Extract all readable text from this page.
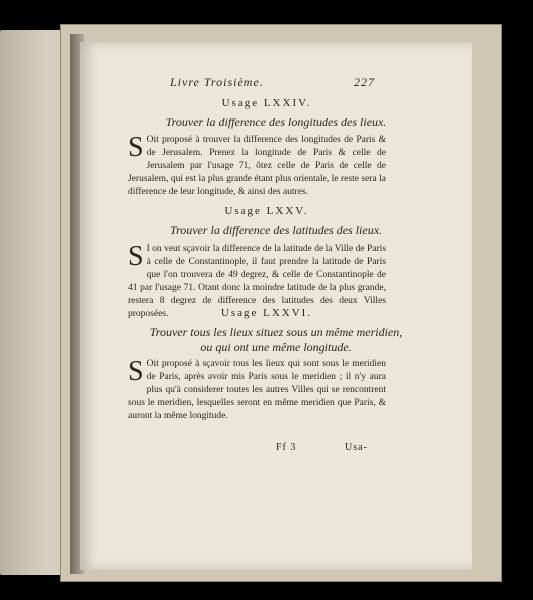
Livre Troisième.	227
Usage LXXIV.
Trouver la difference des longitudes des lieux.
S Oit proposé à trouver la difference des longitudes de Paris & de Jerusalem. Prenez la longitude de Paris & celle de Jerusalem par l'usage 71, ôtez celle de Paris de celle de Jerusalem, qui est la plus grande étant plus orientale, le reste sera la difference de leur longitude, & ainsi des autres.
Usage LXXV.
Trouver la difference des latitudes des lieux.
S I on veut sçavoir la difference de la latitude de la Ville de Paris à celle de Constantinople, il faut prendre la latitude de Paris que l'on trouvera de 49 degrez, & celle de Constantinople de 41 par l'usage 71. Otant donc la moindre latitude de la plus grande, restera 8 degrez de difference des latitudes des deux Villes proposées.	Usage LXXVI.
Trouver tous les lieux situez sous un même meridien,
ou qui ont une même longitude.
S Oit proposé à sçavoir tous les lieux qui sont sous le meridien de Paris, après avoir mis Paris sous le meridien ; il n'y aura plus qu'à considerer toutes les autres Villes qui se rencontrent sous le meridien, lesquelles seront en même meridien que Paris, & auront la même longitude.
Ff 3	Usa-
